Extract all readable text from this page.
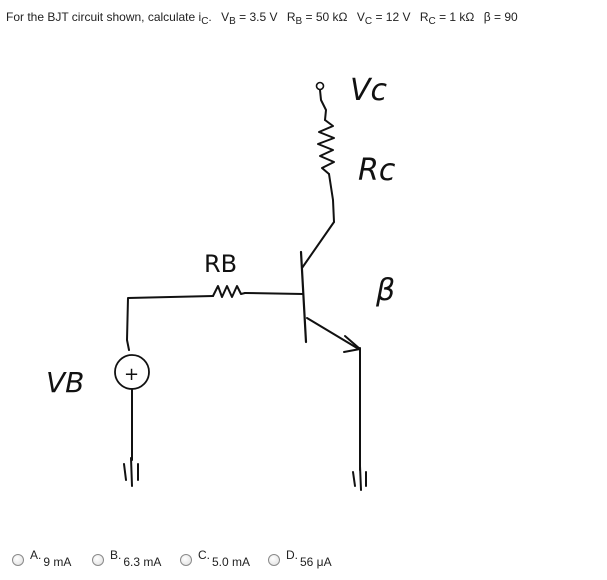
For the BJT circuit shown, calculate $i_C$. $V_B = 3.5$ V $R_B = 50$ kΩ $V_C = 12$ V $R_C = 1$ kΩ β = 90
Vc
Rc
RB
β
VB +
A. 9 mA	B. 6.3 mA	C. 5.0 mA	D. 56 μA
